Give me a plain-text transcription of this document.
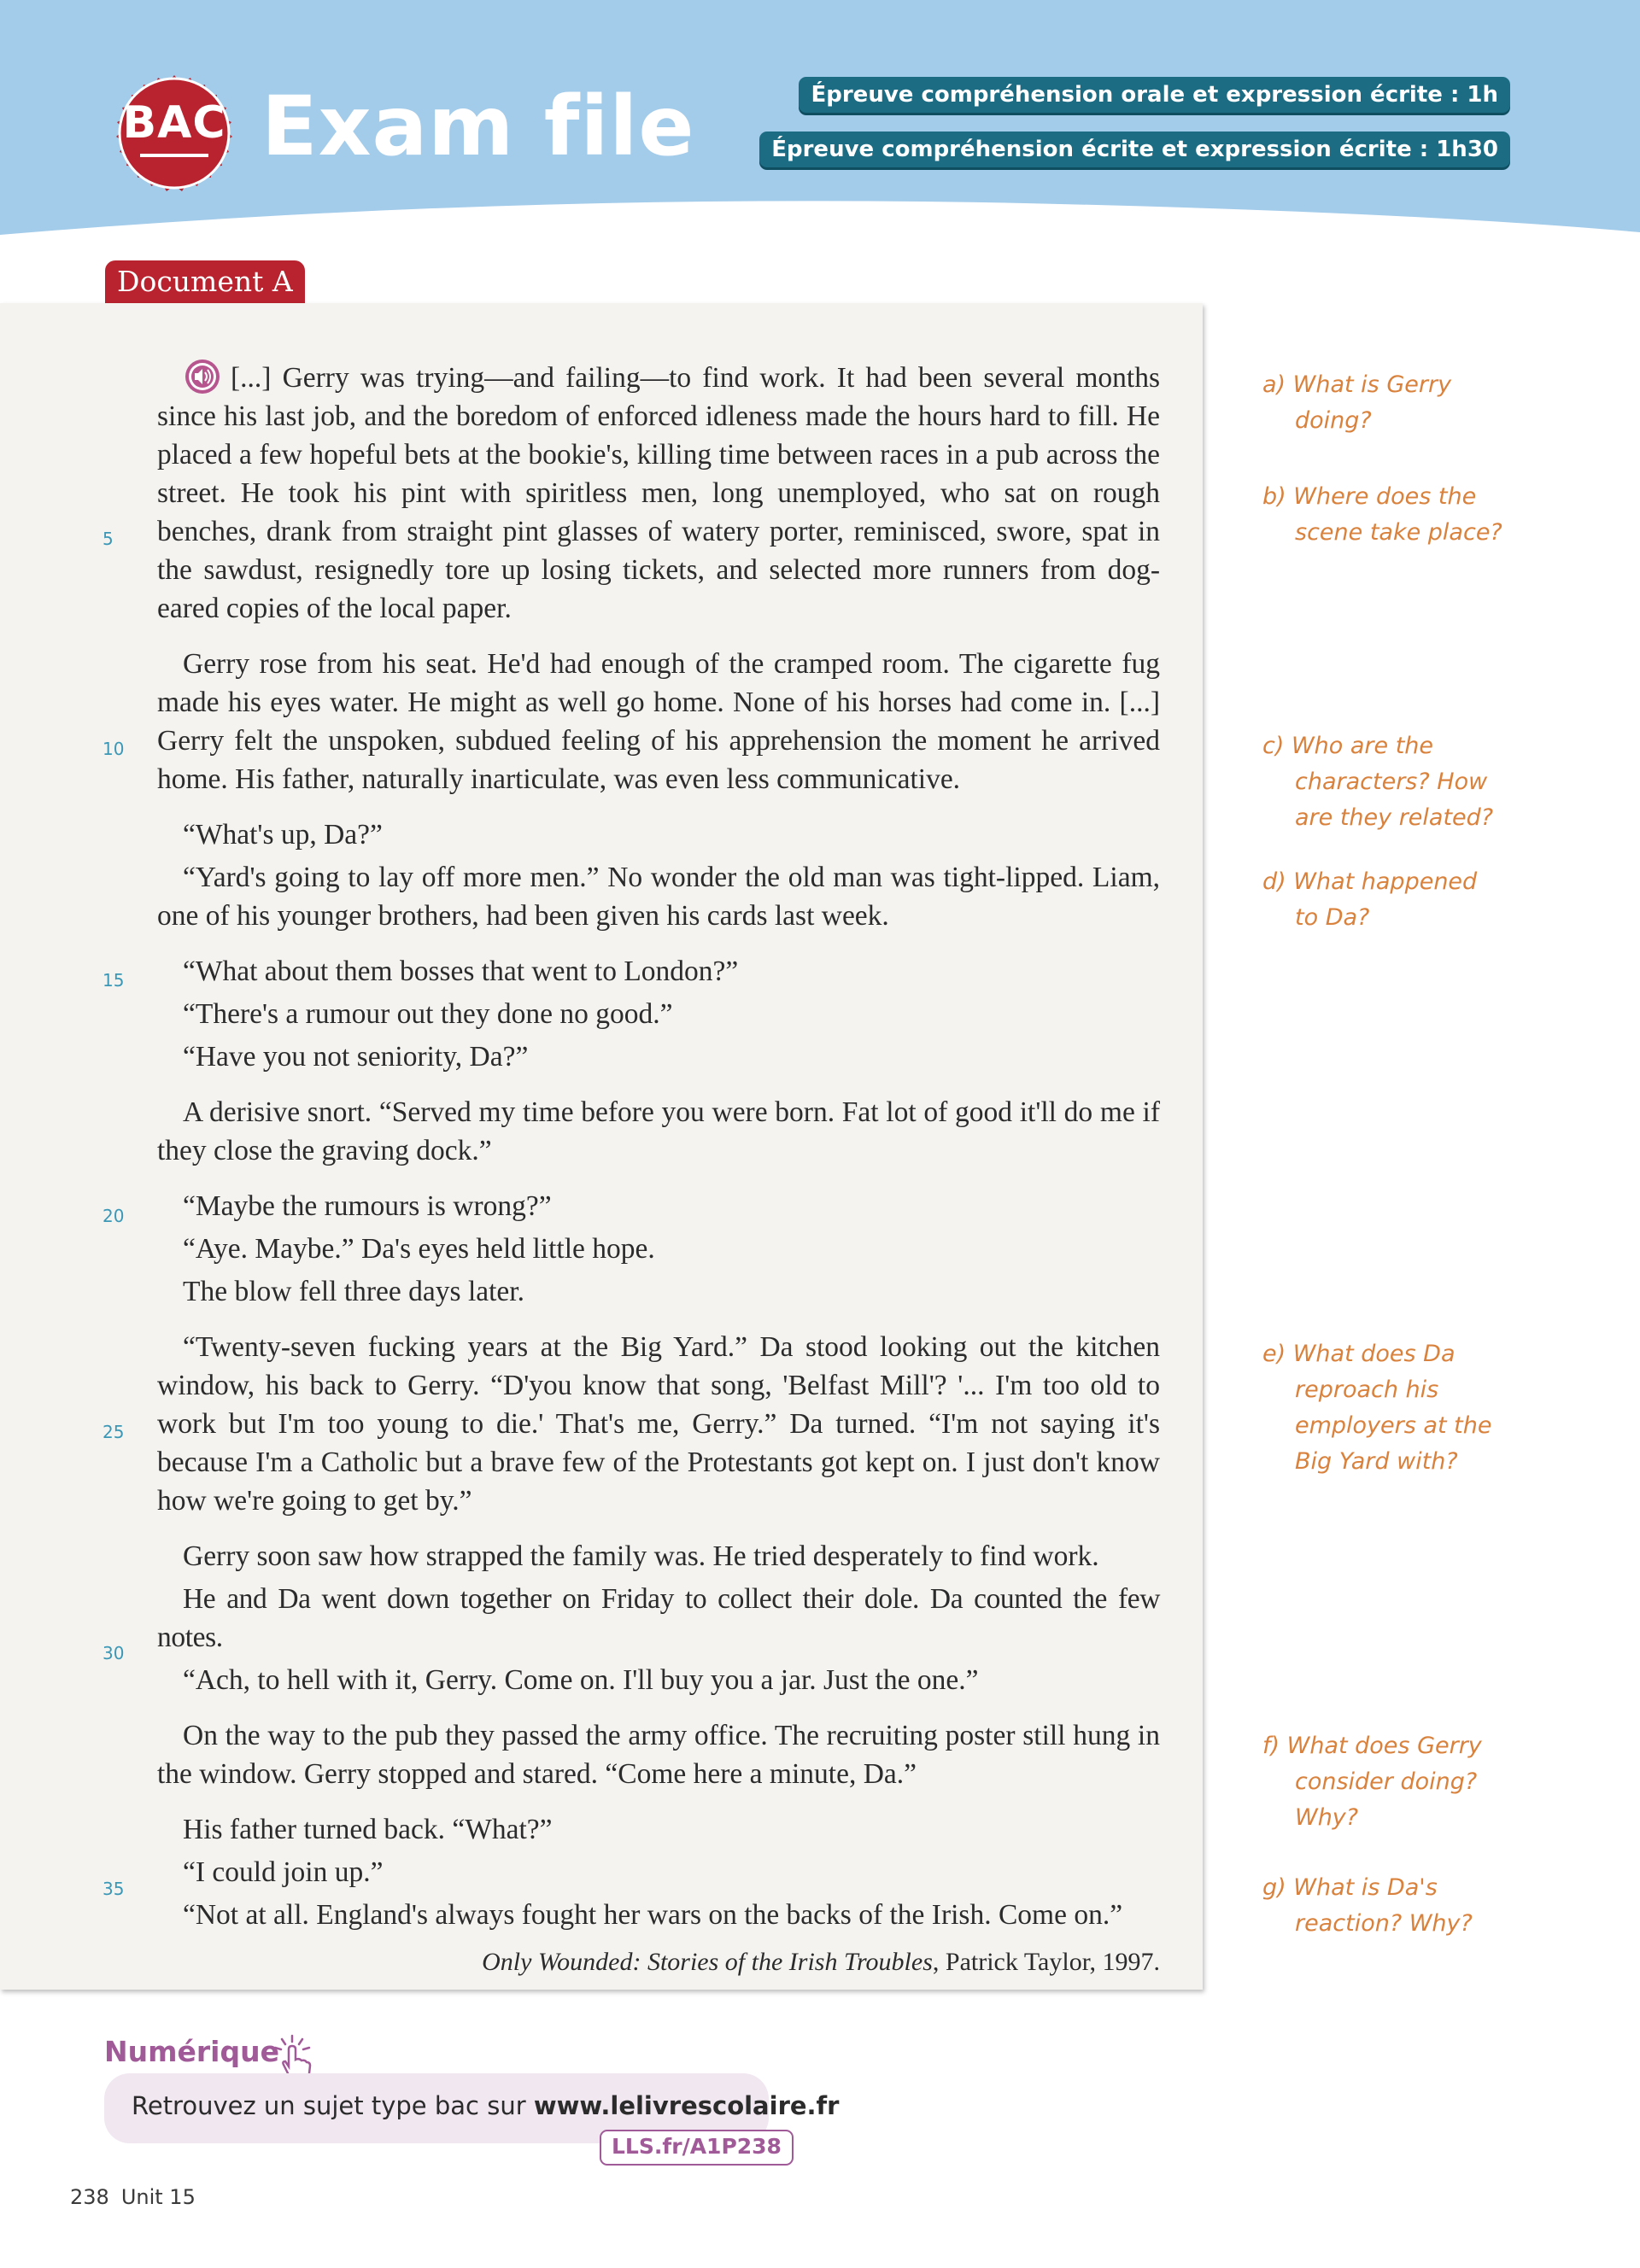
BAC Exam file	Épreuve compréhension orale et expression écrite : 1h
Épreuve compréhension écrite et expression écrite : 1h30
Document A

[...] Gerry was trying—and failing—to find work. It had been several months since his last job, and the boredom of enforced idleness made the hours hard to fill. He placed a few hopeful bets at the bookie's, killing time between races in a pub across the street. He took his pint with spiritless men, long unemployed, who sat on rough benches, drank from straight pint glasses of watery porter, reminisced, swore, spat in the sawdust, resignedly tore up losing tickets, and selected more runners from dog-eared copies of the local paper.

Gerry rose from his seat. He'd had enough of the cramped room. The cigarette fug made his eyes water. He might as well go home. None of his horses had come in. [...] Gerry felt the unspoken, subdued feeling of his apprehension the moment he arrived home. His father, naturally inarticulate, was even less communicative.

“What's up, Da?”

“Yard's going to lay off more men.” No wonder the old man was tight-lipped. Liam, one of his younger brothers, had been given his cards last week.

“What about them bosses that went to London?”

“There's a rumour out they done no good.”

“Have you not seniority, Da?”

A derisive snort. “Served my time before you were born. Fat lot of good it'll do me if they close the graving dock.”

“Maybe the rumours is wrong?”

“Aye. Maybe.” Da's eyes held little hope.

The blow fell three days later.

“Twenty-seven fucking years at the Big Yard.” Da stood looking out the kitchen window, his back to Gerry. “D'you know that song, 'Belfast Mill'? '... I'm too old to work but I'm too young to die.' That's me, Gerry.” Da turned. “I'm not saying it's because I'm a Catholic but a brave few of the Protestants got kept on. I just don't know how we're going to get by.”

Gerry soon saw how strapped the family was. He tried desperately to find work.

He and Da went down together on Friday to collect their dole. Da counted the few notes.

“Ach, to hell with it, Gerry. Come on. I'll buy you a jar. Just the one.”

On the way to the pub they passed the army office. The recruiting poster still hung in the window. Gerry stopped and stared. “Come here a minute, Da.”

His father turned back. “What?”

“I could join up.”

“Not at all. England's always fought her wars on the backs of the Irish. Come on.”

Only Wounded: Stories of the Irish Troubles, Patrick Taylor, 1997.
5
10
15
20
25
30
35
a) What is Gerry
doing?
b) Where does the
scene take place?
c) Who are the
characters? How
are they related?
d) What happened
to Da?
e) What does Da
reproach his
employers at the
Big Yard with?
f) What does Gerry
consider doing?
Why?
g) What is Da's
reaction? Why?
Numérique
Retrouvez un sujet type bac sur www.lelivrescolaire.fr
LLS.fr/A1P238
238 Unit 15
